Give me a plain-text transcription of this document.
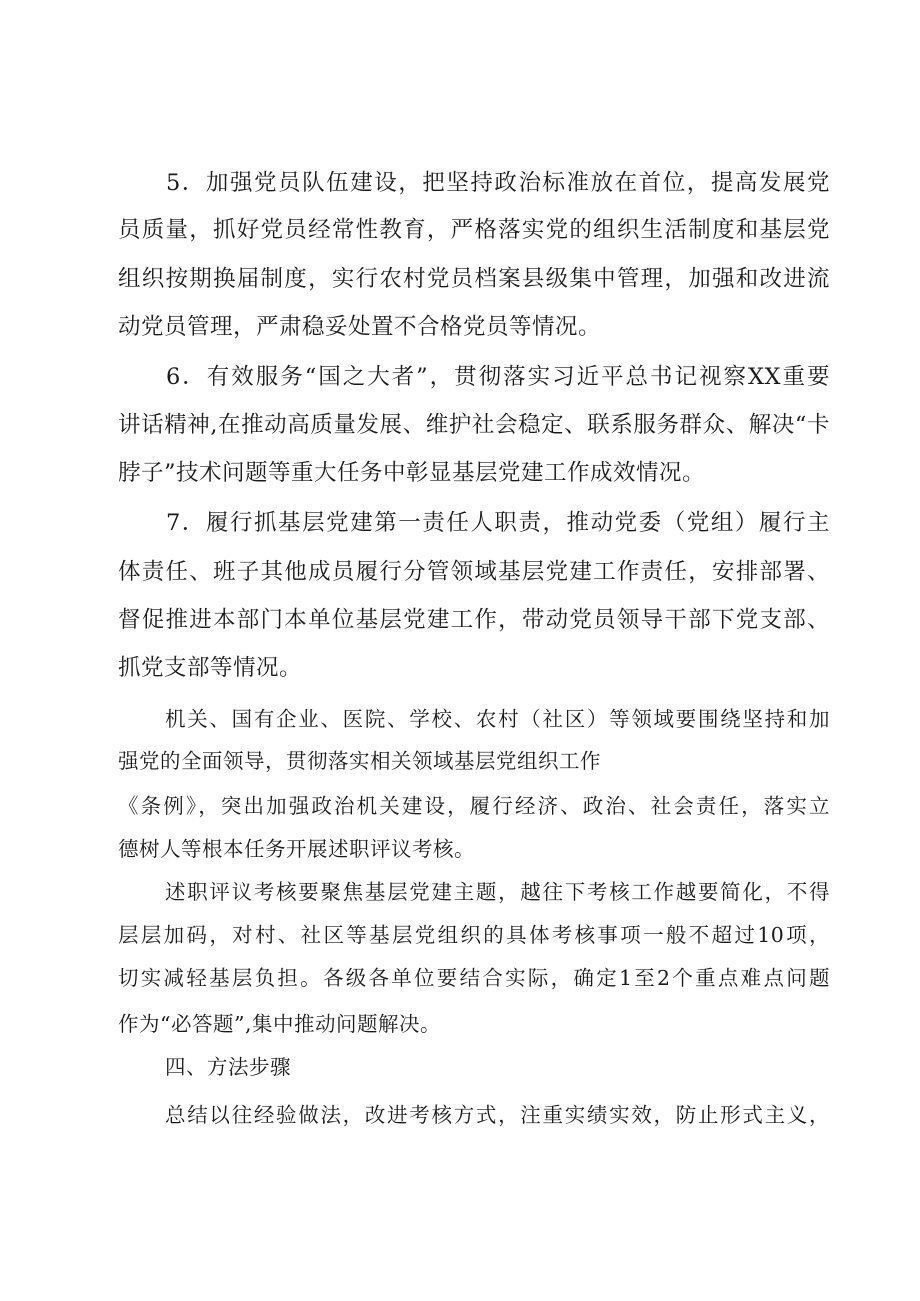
5．加强党员队伍建设，把坚持政治标准放在首位，提高发展党
员质量，抓好党员经常性教育，严格落实党的组织生活制度和基层党
组织按期换届制度，实行农村党员档案县级集中管理，加强和改进流
动党员管理，严肃稳妥处置不合格党员等情况。
6．有效服务“国之大者”，贯彻落实习近平总书记视察XX重要
讲话精神,在推动高质量发展、维护社会稳定、联系服务群众、解决“卡
脖子”技术问题等重大任务中彰显基层党建工作成效情况。
7．履行抓基层党建第一责任人职责，推动党委（党组）履行主
体责任、班子其他成员履行分管领域基层党建工作责任，安排部署、
督促推进本部门本单位基层党建工作，带动党员领导干部下党支部、
抓党支部等情况。
机关、国有企业、医院、学校、农村（社区）等领域要围绕坚持和加
强党的全面领导，贯彻落实相关领域基层党组织工作
《条例》，突出加强政治机关建设，履行经济、政治、社会责任，落实立
德树人等根本任务开展述职评议考核。
述职评议考核要聚焦基层党建主题，越往下考核工作越要简化，不得
层层加码，对村、社区等基层党组织的具体考核事项一般不超过10项，
切实减轻基层负担。各级各单位要结合实际，确定1至2个重点难点问题
作为“必答题”,集中推动问题解决。
四、方法步骤
总结以往经验做法，改进考核方式，注重实绩实效，防止形式主义，
